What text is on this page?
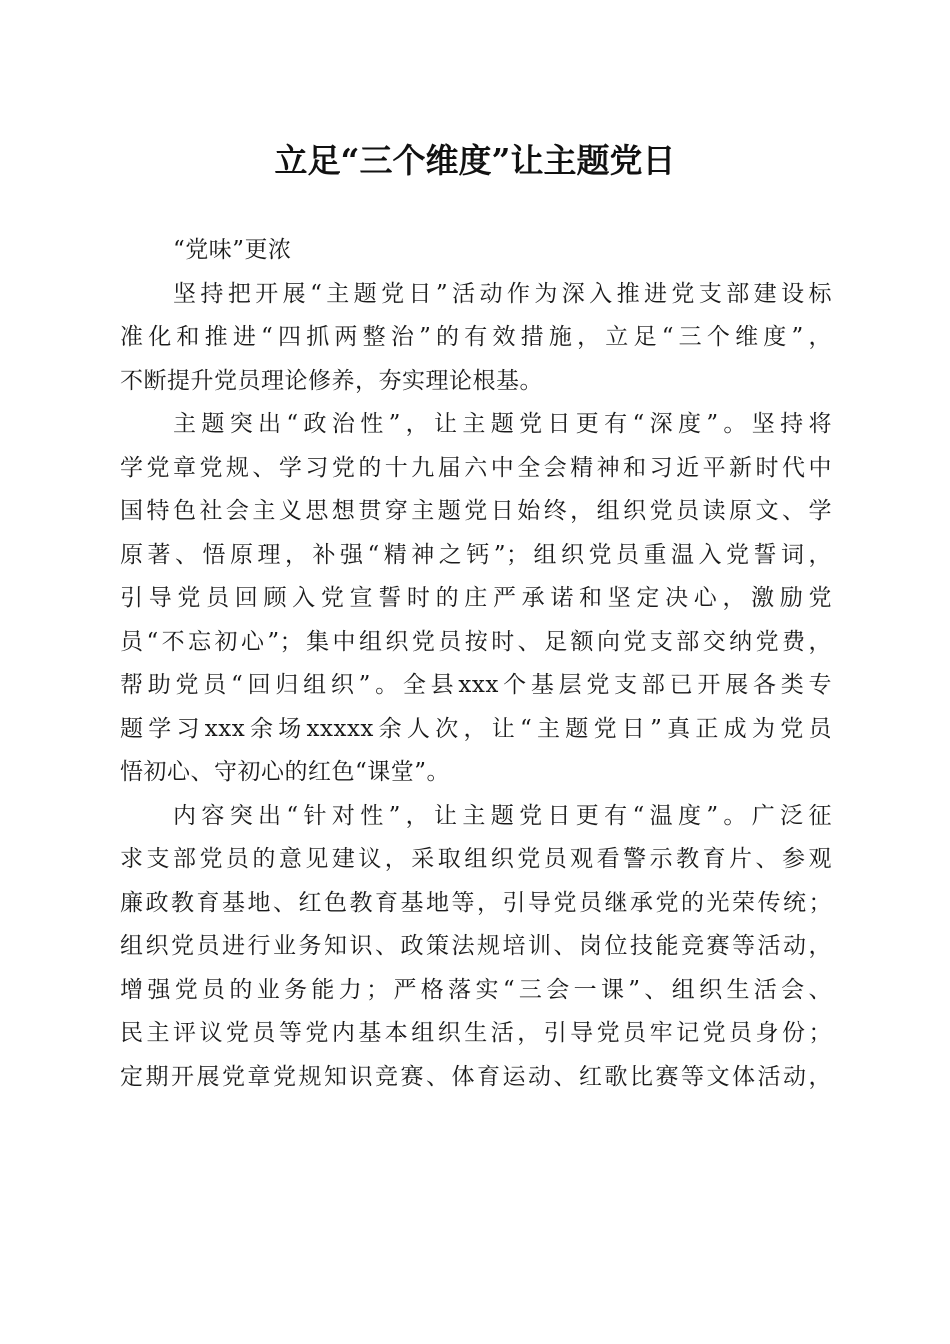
立足“三个维度”让主题党日
“党味”更浓
坚持把开展“主题党日”活动作为深入推进党支部建设标
准化和推进“四抓两整治”的有效措施，立足“三个维度”，
不断提升党员理论修养，夯实理论根基。
主题突出“政治性”，让主题党日更有“深度”。坚持将
学党章党规、学习党的十九届六中全会精神和习近平新时代中
国特色社会主义思想贯穿主题党日始终，组织党员读原文、学
原著、悟原理，补强“精神之钙”；组织党员重温入党誓词，
引导党员回顾入党宣誓时的庄严承诺和坚定决心，激励党
员“不忘初心”；集中组织党员按时、足额向党支部交纳党费，
帮助党员“回归组织”。全县xxx个基层党支部已开展各类专
题学习xxx余场xxxxx余人次，让“主题党日”真正成为党员
悟初心、守初心的红色“课堂”。
内容突出“针对性”，让主题党日更有“温度”。广泛征
求支部党员的意见建议，采取组织党员观看警示教育片、参观
廉政教育基地、红色教育基地等，引导党员继承党的光荣传统；
组织党员进行业务知识、政策法规培训、岗位技能竞赛等活动，
增强党员的业务能力；严格落实“三会一课”、组织生活会、
民主评议党员等党内基本组织生活，引导党员牢记党员身份；
定期开展党章党规知识竞赛、体育运动、红歌比赛等文体活动，
